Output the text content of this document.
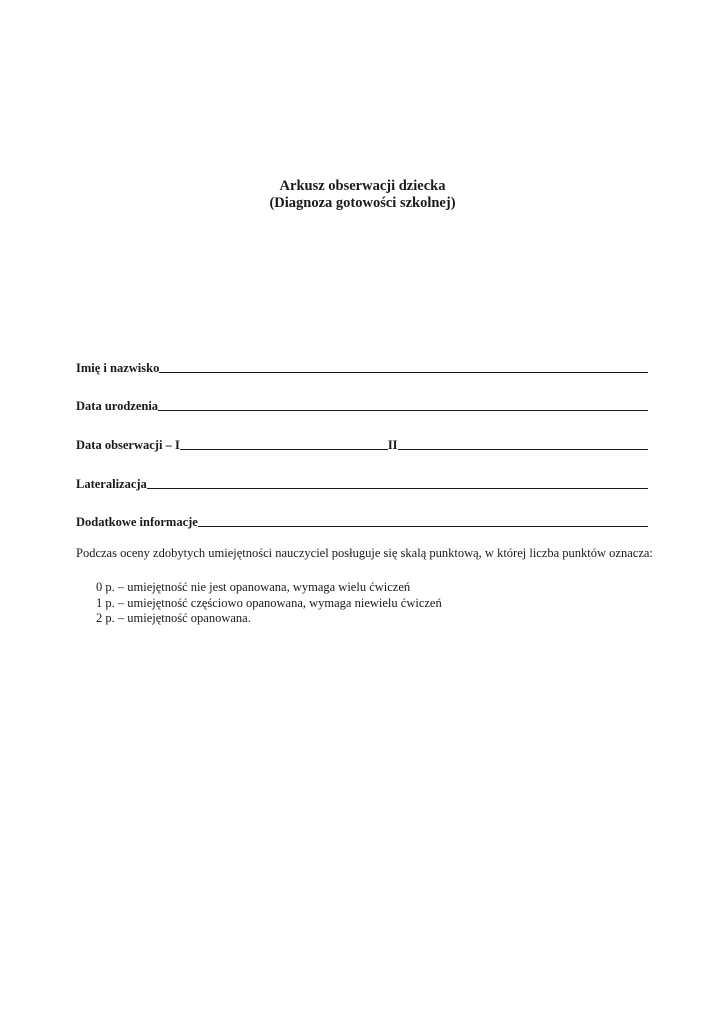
Arkusz obserwacji dziecka
(Diagnoza gotowości szkolnej)
Imię i nazwisko
Data urodzenia
Data obserwacji – I	II
Lateralizacja
Dodatkowe informacje
Podczas oceny zdobytych umiejętności nauczyciel posługuje się skalą punktową, w której liczba punktów oznacza:
0 p. – umiejętność nie jest opanowana, wymaga wielu ćwiczeń
1 p. – umiejętność częściowo opanowana, wymaga niewielu ćwiczeń
2 p. – umiejętność opanowana.
